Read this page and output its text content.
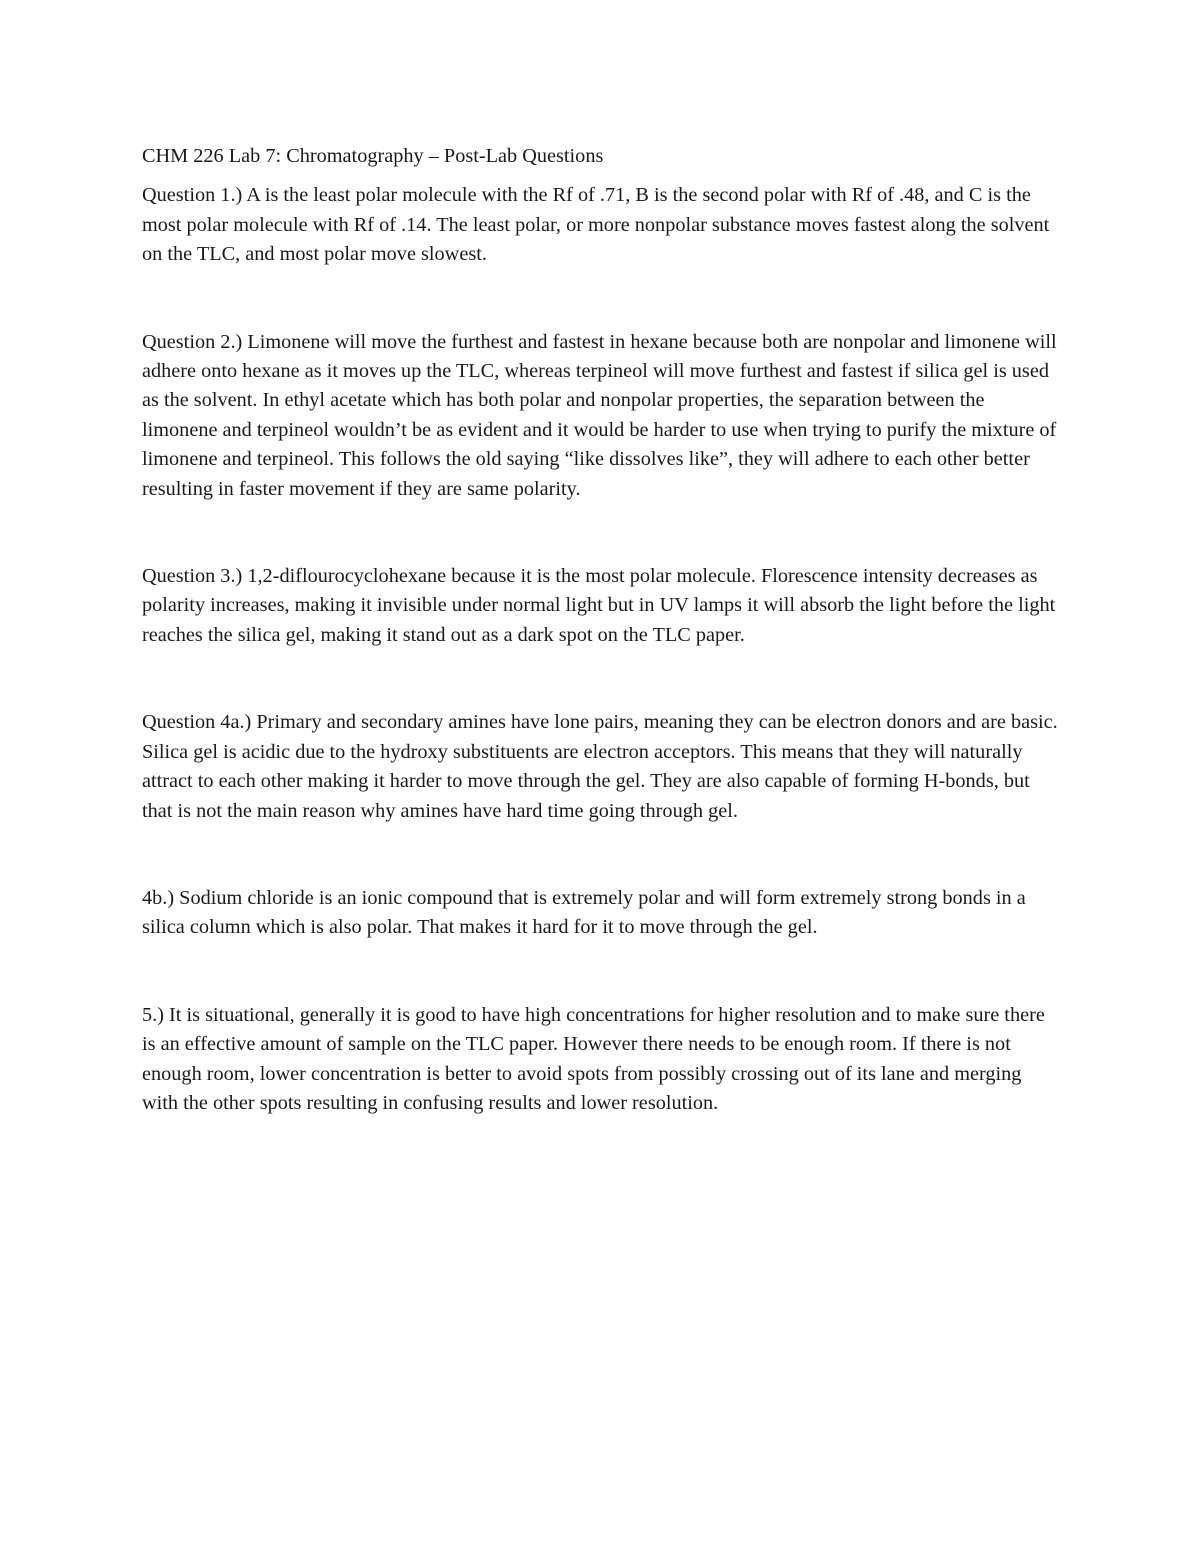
CHM 226 Lab 7: Chromatography – Post-Lab Questions

Question 1.) A is the least polar molecule with the Rf of .71, B is the second polar with Rf of .48, and C is the most polar molecule with Rf of .14. The least polar, or more nonpolar substance moves fastest along the solvent on the TLC, and most polar move slowest.

Question 2.) Limonene will move the furthest and fastest in hexane because both are nonpolar and limonene will adhere onto hexane as it moves up the TLC, whereas terpineol will move furthest and fastest if silica gel is used as the solvent. In ethyl acetate which has both polar and nonpolar properties, the separation between the limonene and terpineol wouldn’t be as evident and it would be harder to use when trying to purify the mixture of limonene and terpineol. This follows the old saying “like dissolves like”, they will adhere to each other better resulting in faster movement if they are same polarity.

Question 3.) 1,2-diflourocyclohexane because it is the most polar molecule. Florescence intensity decreases as polarity increases, making it invisible under normal light but in UV lamps it will absorb the light before the light reaches the silica gel, making it stand out as a dark spot on the TLC paper.

Question 4a.) Primary and secondary amines have lone pairs, meaning they can be electron donors and are basic. Silica gel is acidic due to the hydroxy substituents are electron acceptors. This means that they will naturally attract to each other making it harder to move through the gel. They are also capable of forming H-bonds, but that is not the main reason why amines have hard time going through gel.

4b.) Sodium chloride is an ionic compound that is extremely polar and will form extremely strong bonds in a silica column which is also polar. That makes it hard for it to move through the gel.

5.) It is situational, generally it is good to have high concentrations for higher resolution and to make sure there is an effective amount of sample on the TLC paper. However there needs to be enough room. If there is not enough room, lower concentration is better to avoid spots from possibly crossing out of its lane and merging with the other spots resulting in confusing results and lower resolution.
